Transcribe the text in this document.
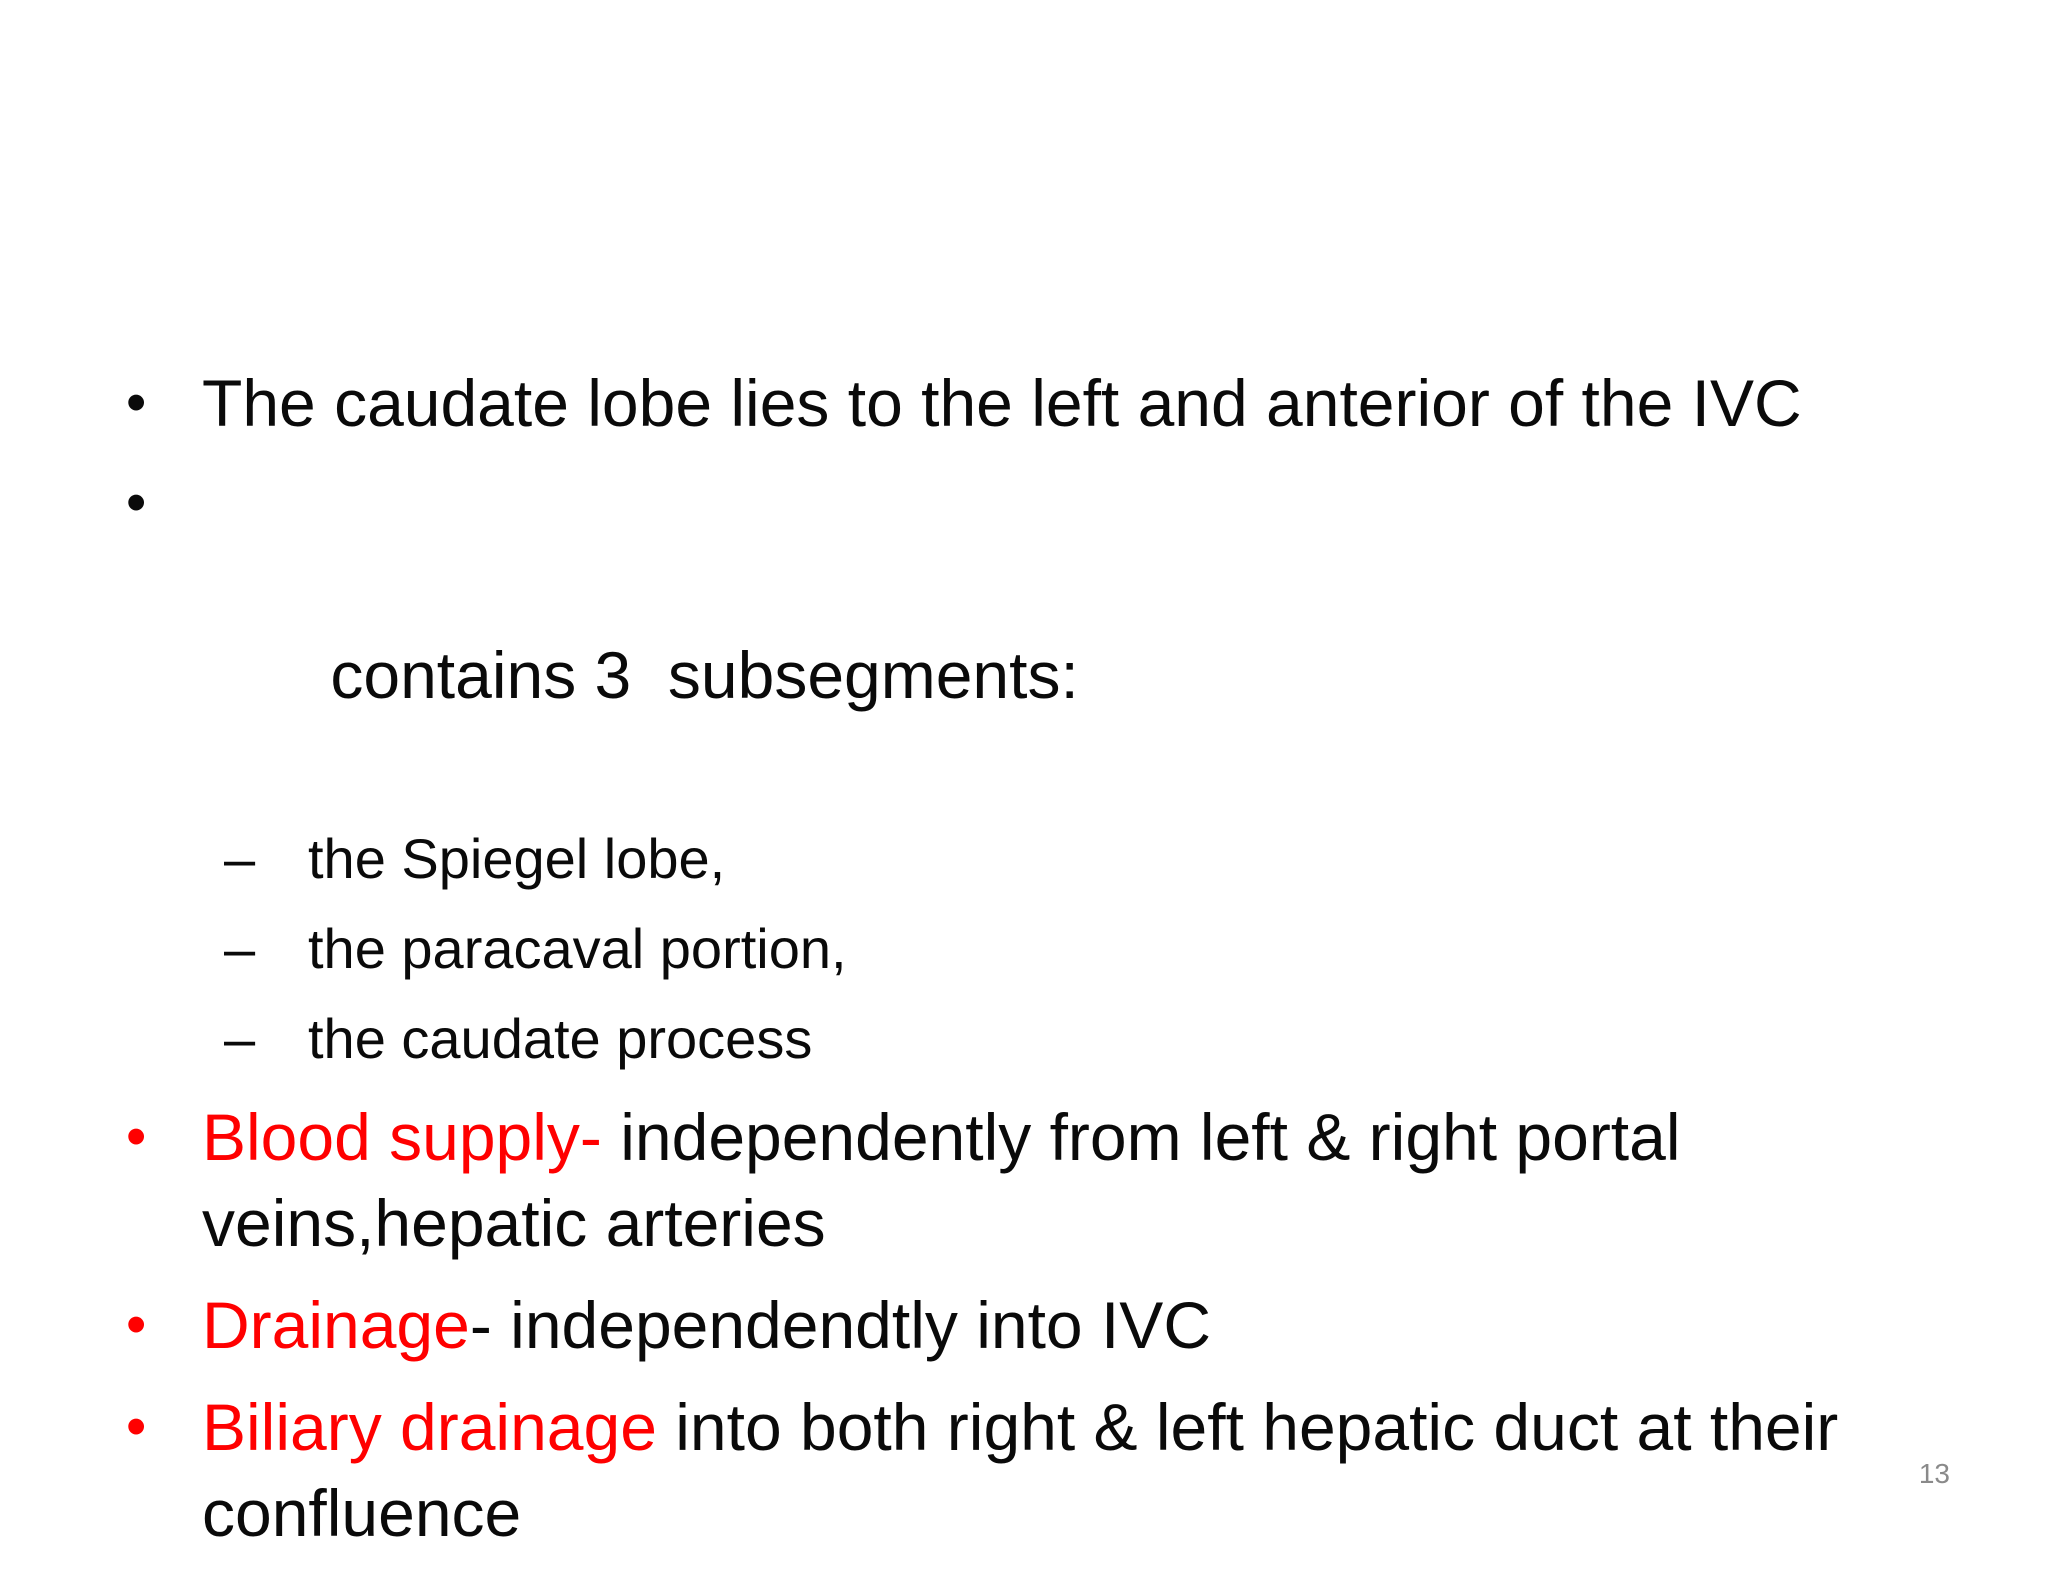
• The caudate lobe lies to the left and anterior of the IVC

•

contains 3  subsegments:

– the Spiegel lobe,
– the paracaval portion,
– the caudate process
• Blood supply- independently from left & right portal veins,hepatic arteries
• Drainage- independendtly into IVC
• Biliary drainage into both right & left hepatic duct at their confluence
13
